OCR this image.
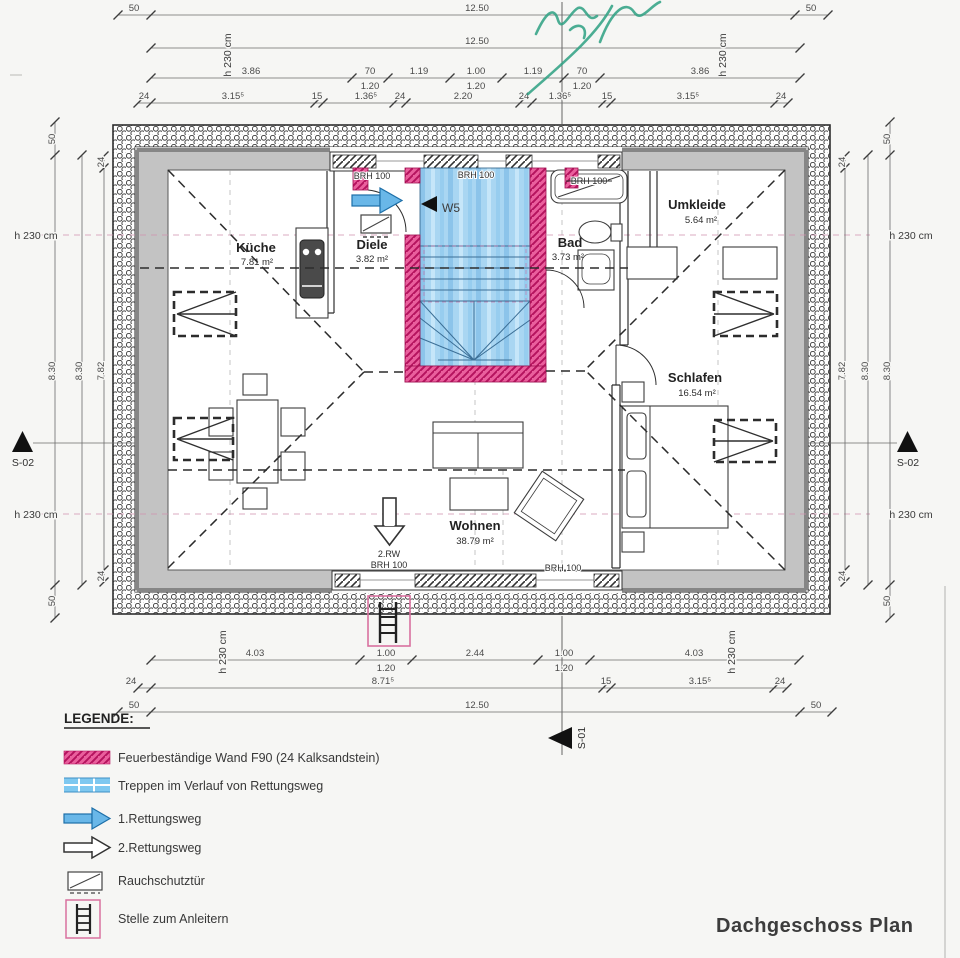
Küche
7.81 m²
Diele
3.82 m²
Bad
3.73 m²
Umkleide
5.64 m²
Schlafen
16.54 m²
Wohnen
38.79 m²
BRH 100	BRH 100
BRH 100
2.RW
BRH 100	BRH 100
W5
50	12.50	50
12.50
3.86	70
1.20
1.19	1.00
1.20
1.19	70
1.20
3.86
24	3.15⁵	15	1.36⁵ 24	2.20	24 1.36⁵	15	3.15⁵	24
h 230 cm	h 230 cm
4.03	1.00
1.20
2.44	1.00
1.20
4.03
24	8.71⁵	15	3.15⁵	24
50	12.50	50
h 230 cm	h 230 cm
S-01
50
8.30
50
8.30
24
7.82
24
h 230 cm
h 230 cm
S-02
24
7.82
24
8.30
50
8.30
50
h 230 cm
h 230 cm
S-02
LEGENDE:
Feuerbeständige Wand F90 (24 Kalksandstein)
Treppen im Verlauf von Rettungsweg
1.Rettungsweg
2.Rettungsweg
Rauchschutztür
Stelle zum Anleitern	Dachgeschoss Plan
